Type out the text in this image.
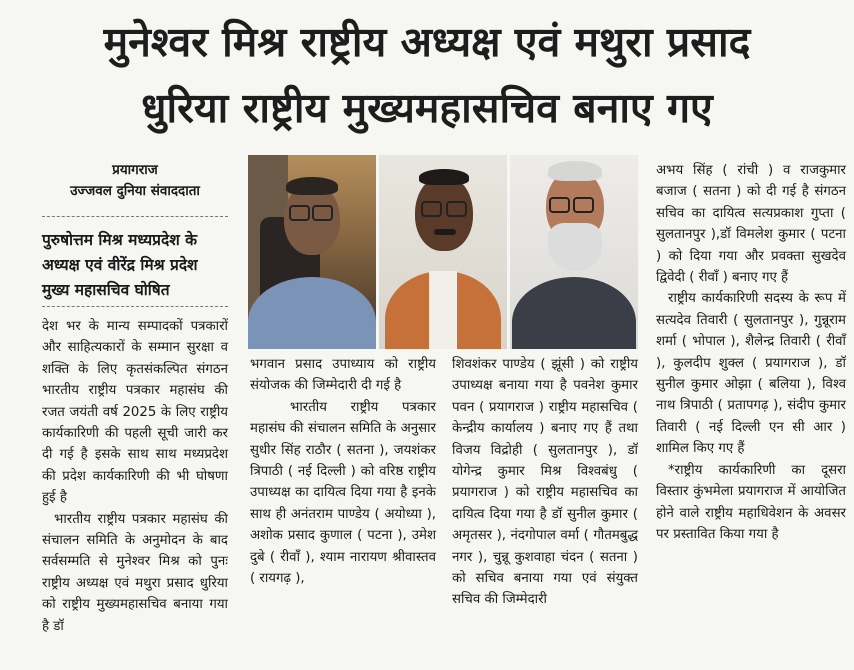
मुनेश्वर मिश्र राष्ट्रीय अध्यक्ष एवं मथुरा प्रसाद
धुरिया राष्ट्रीय मुख्यमहासचिव बनाए गए
प्रयागराज
उज्जवल दुनिया संवाददाता
पुरुषोत्तम मिश्र मध्यप्रदेश के अध्यक्ष एवं वीरेंद्र मिश्र प्रदेश मुख्य महासचिव घोषित

देश भर के मान्य सम्पादकों पत्रकारों और साहित्यकारों के सम्मान सुरक्षा व शक्ति के लिए कृतसंकल्पित संगठन भारतीय राष्ट्रीय पत्रकार महासंघ की रजत जयंती वर्ष 2025 के लिए राष्ट्रीय कार्यकारिणी की पहली सूची जारी कर दी गई है इसके साथ साथ मध्यप्रदेश की प्रदेश कार्यकारिणी की भी घोषणा हुई है

भारतीय राष्ट्रीय पत्रकार महासंघ की संचालन समिति के अनुमोदन के बाद सर्वसम्मति से मुनेश्वर मिश्र को पुनः राष्ट्रीय अध्यक्ष एवं मथुरा प्रसाद धुरिया को राष्ट्रीय मुख्यमहासचिव बनाया गया है डॉ

भगवान प्रसाद उपाध्याय को राष्ट्रीय संयोजक की जिम्मेदारी दी गई है

भारतीय राष्ट्रीय पत्रकार महासंघ की संचालन समिति के अनुसार सुधीर सिंह राठौर ( सतना ), जयशंकर त्रिपाठी ( नई दिल्ली ) को वरिष्ठ राष्ट्रीय उपाध्यक्ष का दायित्व दिया गया है इनके साथ ही अनंतराम पाण्डेय ( अयोध्या ), अशोक प्रसाद कुणाल ( पटना ), उमेश दुबे ( रीवाँ ), श्याम नारायण श्रीवास्तव ( रायगढ़ ),

शिवशंकर पाण्डेय ( झूंसी ) को राष्ट्रीय उपाध्यक्ष बनाया गया है पवनेश कुमार पवन ( प्रयागराज ) राष्ट्रीय महासचिव ( केन्द्रीय कार्यालय ) बनाए गए हैं तथा विजय विद्रोही ( सुलतानपुर ), डॉ योगेन्द्र कुमार मिश्र विश्वबंधु ( प्रयागराज ) को राष्ट्रीय महासचिव का दायित्व दिया गया है डॉ सुनील कुमार ( अमृतसर ), नंदगोपाल वर्मा ( गौतमबुद्ध नगर ), चुन्नू कुशवाहा चंदन ( सतना ) को सचिव बनाया गया एवं संयुक्त सचिव की जिम्मेदारी

अभय सिंह ( रांची ) व राजकुमार बजाज ( सतना ) को दी गई है संगठन सचिव का दायित्व सत्यप्रकाश गुप्ता ( सुलतानपुर ),डॉ विमलेश कुमार ( पटना ) को दिया गया और प्रवक्ता सुखदेव द्विवेदी ( रीवाँ ) बनाए गए हैं

राष्ट्रीय कार्यकारिणी सदस्य के रूप में सत्यदेव तिवारी ( सुलतानपुर ), गुन्नूराम शर्मा ( भोपाल ), शैलेन्द्र तिवारी ( रीवाँ ), कुलदीप शुक्ल ( प्रयागराज ), डॉ सुनील कुमार ओझा ( बलिया ), विश्व नाथ त्रिपाठी ( प्रतापगढ़ ), संदीप कुमार तिवारी ( नई दिल्ली एन सी आर ) शामिल किए गए हैं

*राष्ट्रीय कार्यकारिणी का दूसरा विस्तार कुंभमेला प्रयागराज में आयोजित होने वाले राष्ट्रीय महाधिवेशन के अवसर पर प्रस्तावित किया गया है
